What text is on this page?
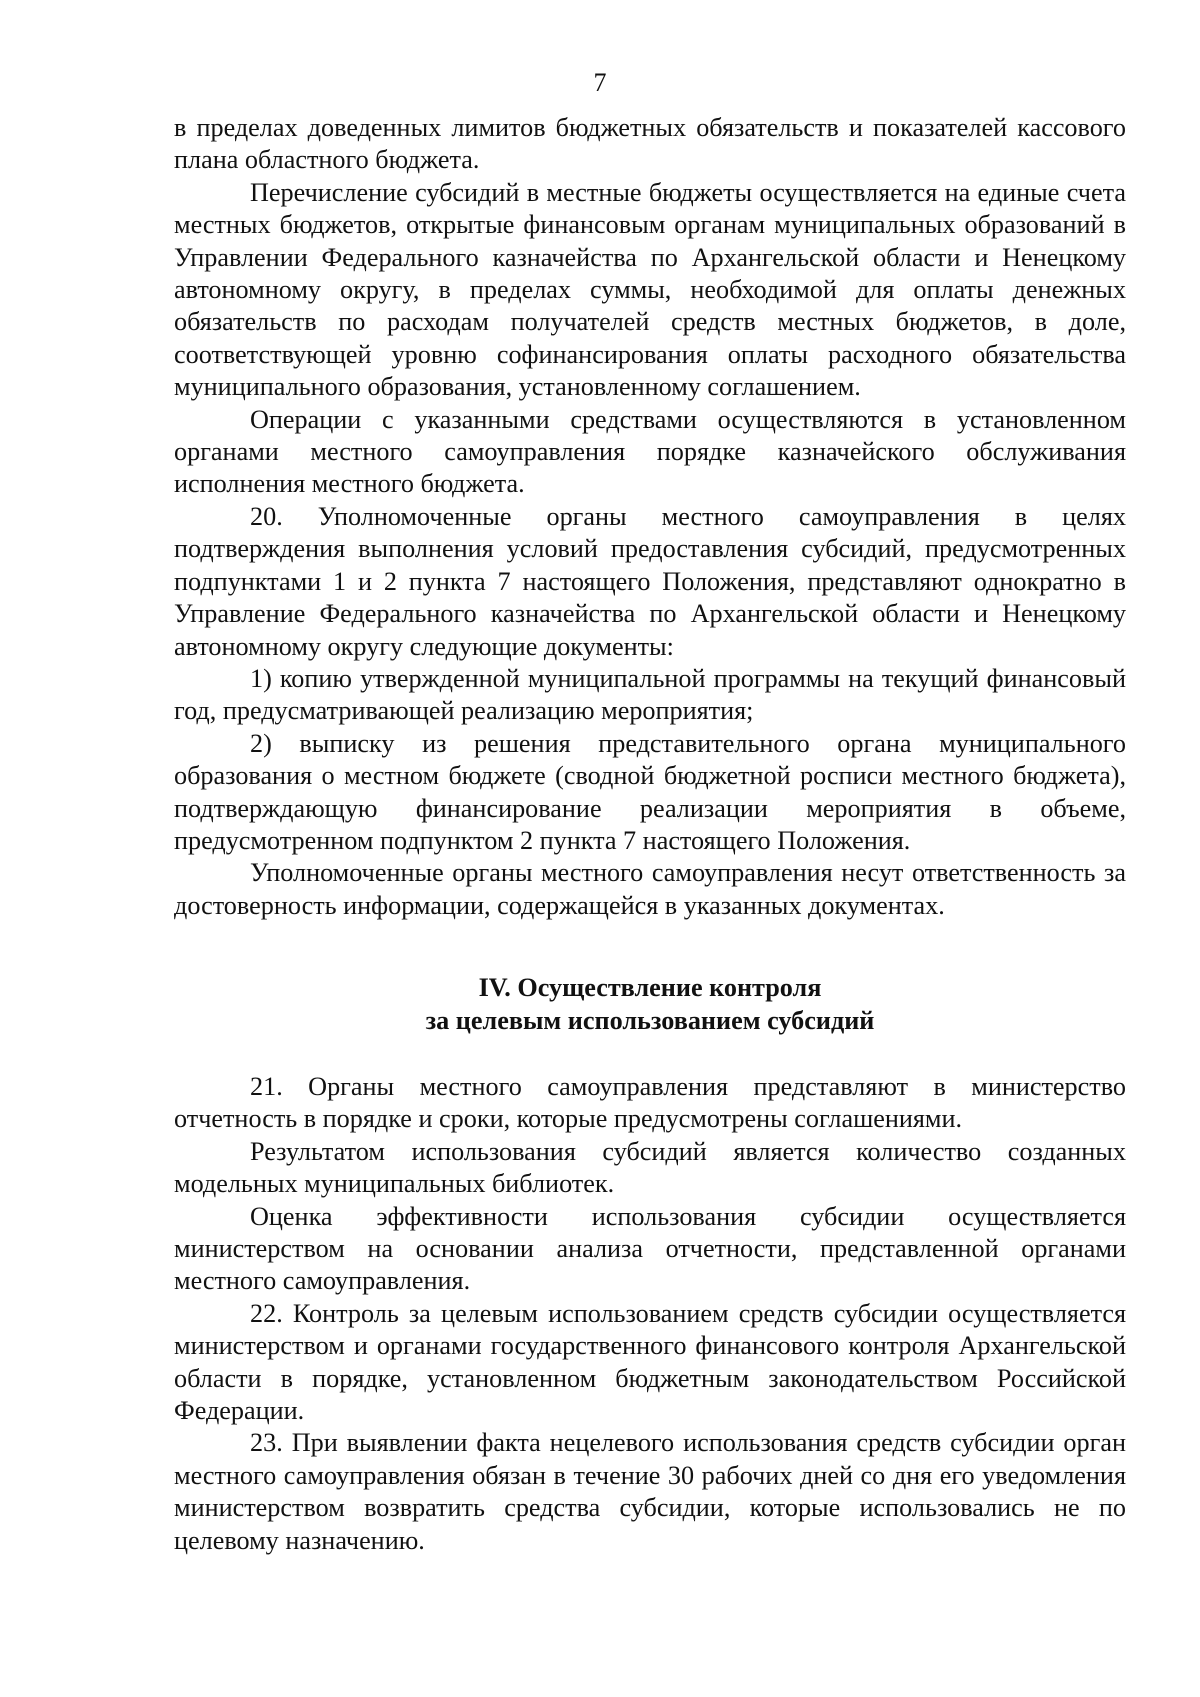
7

в пределах доведенных лимитов бюджетных обязательств и показателей кассового плана областного бюджета.

Перечисление субсидий в местные бюджеты осуществляется на единые счета местных бюджетов, открытые финансовым органам муниципальных образований в Управлении Федерального казначейства по Архангельской области и Ненецкому автономному округу, в пределах суммы, необходимой для оплаты денежных обязательств по расходам получателей средств местных бюджетов, в доле, соответствующей уровню софинансирования оплаты расходного обязательства муниципального образования, установленному соглашением.

Операции с указанными средствами осуществляются в установленном органами местного самоуправления порядке казначейского обслуживания исполнения местного бюджета.

20. Уполномоченные органы местного самоуправления в целях подтверждения выполнения условий предоставления субсидий, предусмотренных подпунктами 1 и 2 пункта 7 настоящего Положения, представляют однократно в Управление Федерального казначейства по Архангельской области и Ненецкому автономному округу следующие документы:

1) копию утвержденной муниципальной программы на текущий финансовый год, предусматривающей реализацию мероприятия;

2) выписку из решения представительного органа муниципального образования о местном бюджете (сводной бюджетной росписи местного бюджета), подтверждающую финансирование реализации мероприятия в объеме, предусмотренном подпунктом 2 пункта 7 настоящего Положения.

Уполномоченные органы местного самоуправления несут ответственность за достоверность информации, содержащейся в указанных документах.

IV. Осуществление контроля
за целевым использованием субсидий

21. Органы местного самоуправления представляют в министерство отчетность в порядке и сроки, которые предусмотрены соглашениями.

Результатом использования субсидий является количество созданных модельных муниципальных библиотек.

Оценка эффективности использования субсидии осуществляется министерством на основании анализа отчетности, представленной органами местного самоуправления.

22. Контроль за целевым использованием средств субсидии осуществляется министерством и органами государственного финансового контроля Архангельской области в порядке, установленном бюджетным законодательством Российской Федерации.

23. При выявлении факта нецелевого использования средств субсидии орган местного самоуправления обязан в течение 30 рабочих дней со дня его уведомления министерством возвратить средства субсидии, которые использовались не по целевому назначению.
